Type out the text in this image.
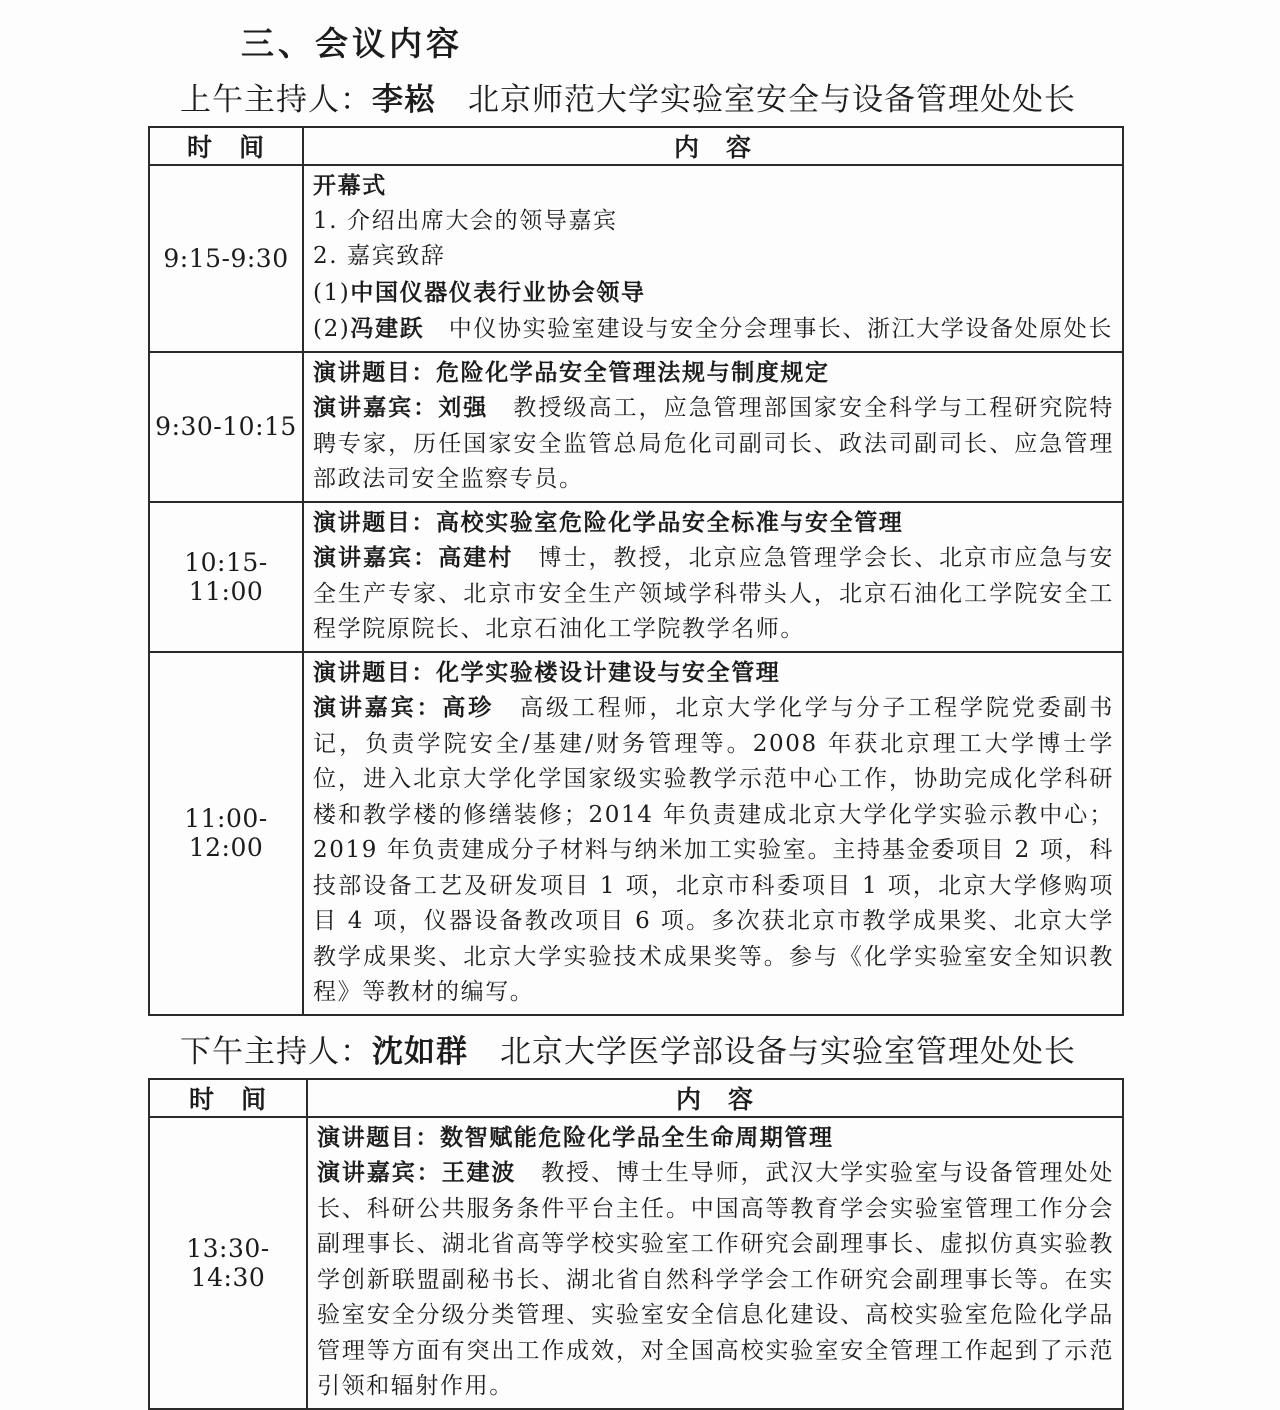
三、会议内容
上午主持人：李崧　 北京师范大学实验室安全与设备管理处处长
时　间	内　容
9:15-9:30	开幕式

1. 介绍出席大会的领导嘉宾

2. 嘉宾致辞

(1)中国仪器仪表行业协会领导

(2)冯建跃　中仪协实验室建设与安全分会理事长、浙江大学设备处原处长

9:30-10:15	演讲题目：危险化学品安全管理法规与制度规定

演讲嘉宾：刘强　教授级高工，应急管理部国家安全科学与工程研究院特聘专家，历任国家安全监管总局危化司副司长、政法司副司长、应急管理部政法司安全监察专员。

10:15-11:00	演讲题目：高校实验室危险化学品安全标准与安全管理

演讲嘉宾：高建村　博士，教授，北京应急管理学会长、北京市应急与安全生产专家、北京市安全生产领域学科带头人，北京石油化工学院安全工程学院原院长、北京石油化工学院教学名师。

11:00-12:00	演讲题目：化学实验楼设计建设与安全管理

演讲嘉宾：高珍　高级工程师，北京大学化学与分子工程学院党委副书记，负责学院安全/基建/财务管理等。2008 年获北京理工大学博士学位，进入北京大学化学国家级实验教学示范中心工作，协助完成化学科研楼和教学楼的修缮装修；2014 年负责建成北京大学化学实验示教中心；2019 年负责建成分子材料与纳米加工实验室。主持基金委项目 2 项，科技部设备工艺及研发项目 1 项，北京市科委项目 1 项，北京大学修购项目 4 项，仪器设备教改项目 6 项。多次获北京市教学成果奖、北京大学教学成果奖、北京大学实验技术成果奖等。参与《化学实验室安全知识教程》等教材的编写。

下午主持人：沈如群　 北京大学医学部设备与实验室管理处处长
时　间	内　容
13:30-14:30	演讲题目：数智赋能危险化学品全生命周期管理

演讲嘉宾：王建波　教授、博士生导师，武汉大学实验室与设备管理处处长、科研公共服务条件平台主任。中国高等教育学会实验室管理工作分会副理事长、湖北省高等学校实验室工作研究会副理事长、虚拟仿真实验教学创新联盟副秘书长、湖北省自然科学学会工作研究会副理事长等。在实验室安全分级分类管理、实验室安全信息化建设、高校实验室危险化学品管理等方面有突出工作成效，对全国高校实验室安全管理工作起到了示范引领和辐射作用。
